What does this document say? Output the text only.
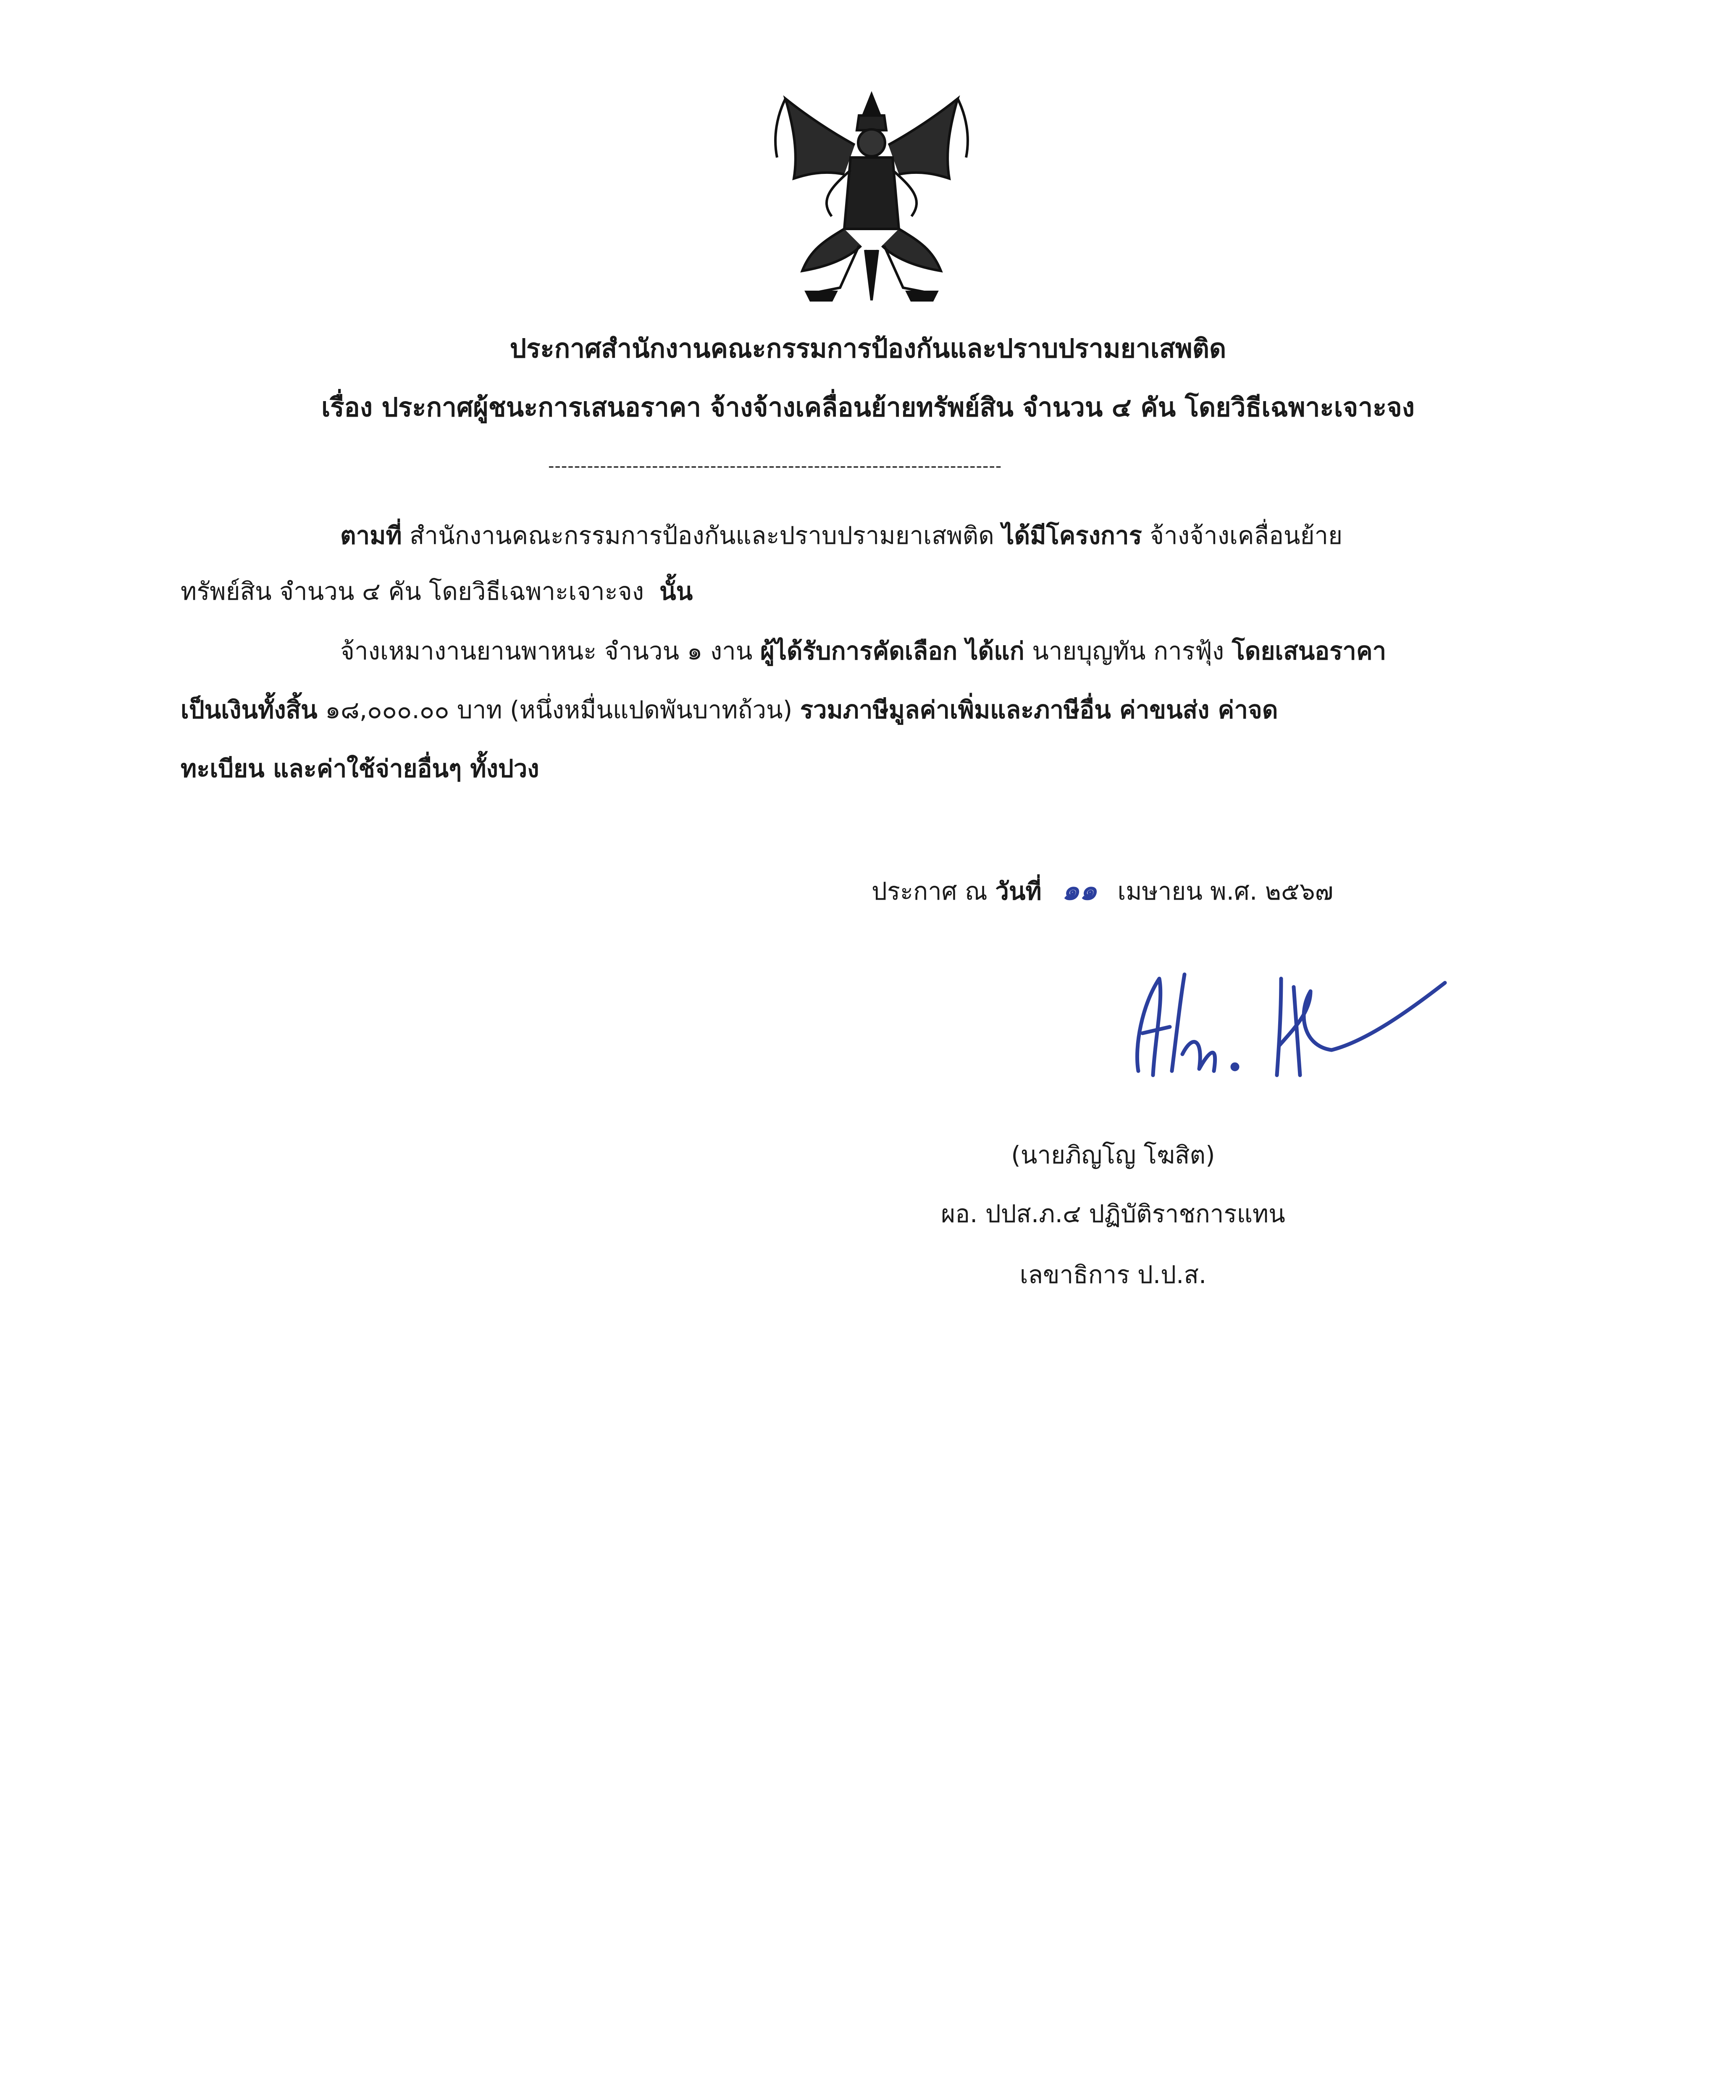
ประกาศสำนักงานคณะกรรมการป้องกันและปราบปรามยาเสพติด
เรื่อง ประกาศผู้ชนะการเสนอราคา จ้างจ้างเคลื่อนย้ายทรัพย์สิน จำนวน ๔ คัน โดยวิธีเฉพาะเจาะจง
----------------------------------------------------------------------
ตามที่ สำนักงานคณะกรรมการป้องกันและปราบปรามยาเสพติด ได้มีโครงการ จ้างจ้างเคลื่อนย้าย
ทรัพย์สิน จำนวน ๔ คัน โดยวิธีเฉพาะเจาะจง นั้น
จ้างเหมางานยานพาหนะ จำนวน ๑ งาน ผู้ได้รับการคัดเลือก ได้แก่ นายบุญทัน การฟุ้ง โดยเสนอราคา
เป็นเงินทั้งสิ้น ๑๘,๐๐๐.๐๐ บาท (หนึ่งหมื่นแปดพันบาทถ้วน) รวมภาษีมูลค่าเพิ่มและภาษีอื่น ค่าขนส่ง ค่าจด
ทะเบียน และค่าใช้จ่ายอื่นๆ ทั้งปวง
ประกาศ ณ วันที่ ๑๑ เมษายน พ.ศ. ๒๕๖๗
(นายภิญโญ โฆสิต)
ผอ. ปปส.ภ.๔ ปฏิบัติราชการแทน
เลขาธิการ ป.ป.ส.
